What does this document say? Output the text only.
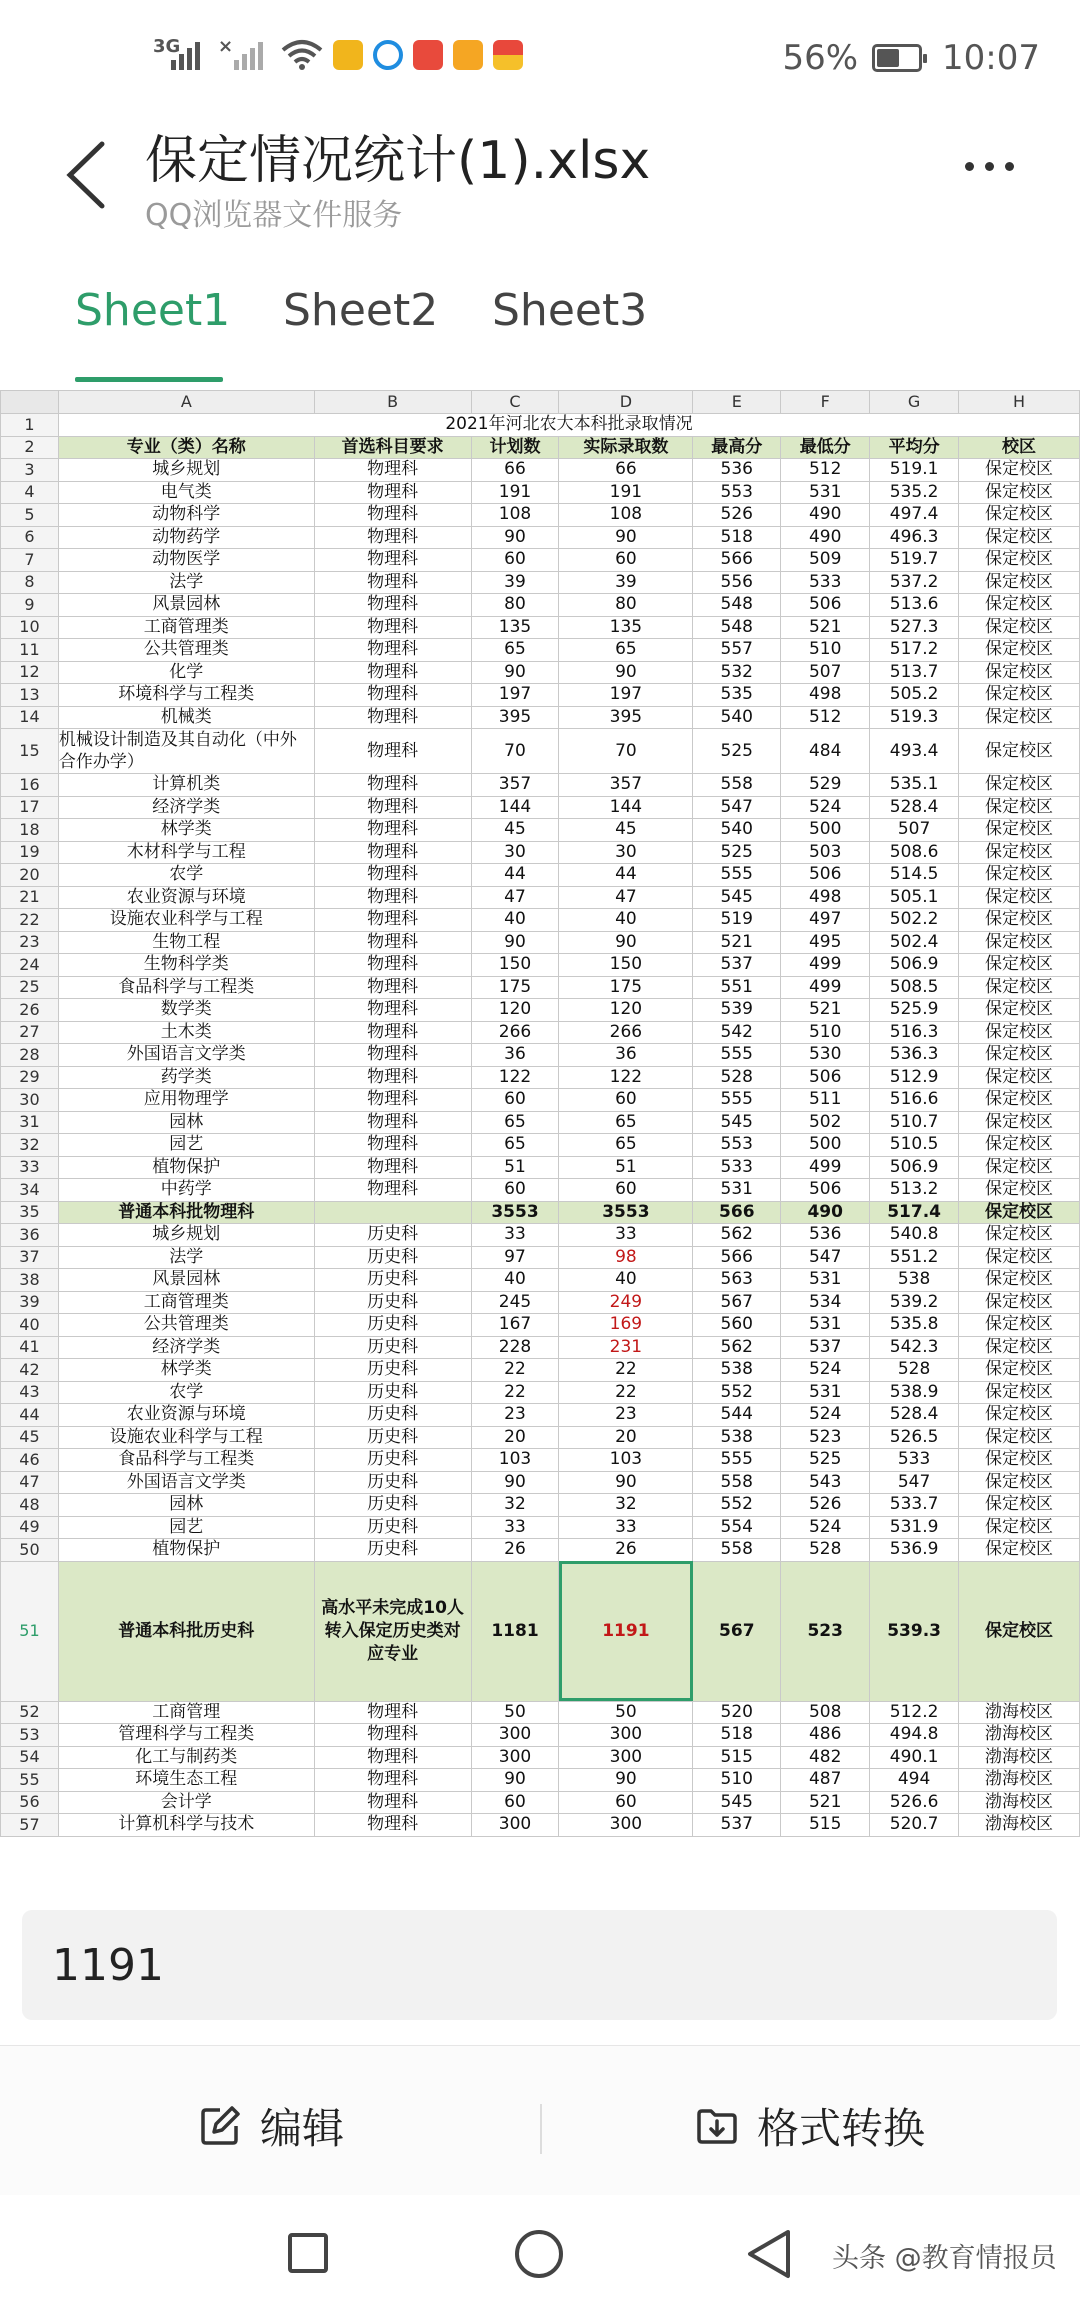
3G ×	56% 10:07
保定情况统计(1).xlsx
QQ浏览器文件服务
Sheet1 Sheet2 Sheet3
	A	B	C	D	E	F	G	H
1	2021年河北农大本科批录取情况							
2	专业（类）名称	首选科目要求	计划数	实际录取数	最高分	最低分	平均分	校区
3	城乡规划	物理科	66	66	536	512	519.1	保定校区
4	电气类	物理科	191	191	553	531	535.2	保定校区
5	动物科学	物理科	108	108	526	490	497.4	保定校区
6	动物药学	物理科	90	90	518	490	496.3	保定校区
7	动物医学	物理科	60	60	566	509	519.7	保定校区
8	法学	物理科	39	39	556	533	537.2	保定校区
9	风景园林	物理科	80	80	548	506	513.6	保定校区
10	工商管理类	物理科	135	135	548	521	527.3	保定校区
11	公共管理类	物理科	65	65	557	510	517.2	保定校区
12	化学	物理科	90	90	532	507	513.7	保定校区
13	环境科学与工程类	物理科	197	197	535	498	505.2	保定校区
14	机械类	物理科	395	395	540	512	519.3	保定校区
15	机械设计制造及其自动化（中外合作办学）	物理科	70	70	525	484	493.4	保定校区
16	计算机类	物理科	357	357	558	529	535.1	保定校区
17	经济学类	物理科	144	144	547	524	528.4	保定校区
18	林学类	物理科	45	45	540	500	507	保定校区
19	木材科学与工程	物理科	30	30	525	503	508.6	保定校区
20	农学	物理科	44	44	555	506	514.5	保定校区
21	农业资源与环境	物理科	47	47	545	498	505.1	保定校区
22	设施农业科学与工程	物理科	40	40	519	497	502.2	保定校区
23	生物工程	物理科	90	90	521	495	502.4	保定校区
24	生物科学类	物理科	150	150	537	499	506.9	保定校区
25	食品科学与工程类	物理科	175	175	551	499	508.5	保定校区
26	数学类	物理科	120	120	539	521	525.9	保定校区
27	土木类	物理科	266	266	542	510	516.3	保定校区
28	外国语言文学类	物理科	36	36	555	530	536.3	保定校区
29	药学类	物理科	122	122	528	506	512.9	保定校区
30	应用物理学	物理科	60	60	555	511	516.6	保定校区
31	园林	物理科	65	65	545	502	510.7	保定校区
32	园艺	物理科	65	65	553	500	510.5	保定校区
33	植物保护	物理科	51	51	533	499	506.9	保定校区
34	中药学	物理科	60	60	531	506	513.2	保定校区
35	普通本科批物理科		3553	3553	566	490	517.4	保定校区
36	城乡规划	历史科	33	33	562	536	540.8	保定校区
37	法学	历史科	97	98	566	547	551.2	保定校区
38	风景园林	历史科	40	40	563	531	538	保定校区
39	工商管理类	历史科	245	249	567	534	539.2	保定校区
40	公共管理类	历史科	167	169	560	531	535.8	保定校区
41	经济学类	历史科	228	231	562	537	542.3	保定校区
42	林学类	历史科	22	22	538	524	528	保定校区
43	农学	历史科	22	22	552	531	538.9	保定校区
44	农业资源与环境	历史科	23	23	544	524	528.4	保定校区
45	设施农业科学与工程	历史科	20	20	538	523	526.5	保定校区
46	食品科学与工程类	历史科	103	103	555	525	533	保定校区
47	外国语言文学类	历史科	90	90	558	543	547	保定校区
48	园林	历史科	32	32	552	526	533.7	保定校区
49	园艺	历史科	33	33	554	524	531.9	保定校区
50	植物保护	历史科	26	26	558	528	536.9	保定校区
51	普通本科批历史科	高水平未完成10人转入保定历史类对应专业	1181	1191	567	523	539.3	保定校区
52	工商管理	物理科	50	50	520	508	512.2	渤海校区
53	管理科学与工程类	物理科	300	300	518	486	494.8	渤海校区
54	化工与制药类	物理科	300	300	515	482	490.1	渤海校区
55	环境生态工程	物理科	90	90	510	487	494	渤海校区
56	会计学	物理科	60	60	545	521	526.6	渤海校区
57	计算机科学与技术	物理科	300	300	537	515	520.7	渤海校区
1191
编辑	格式转换
头条 @教育情报员
